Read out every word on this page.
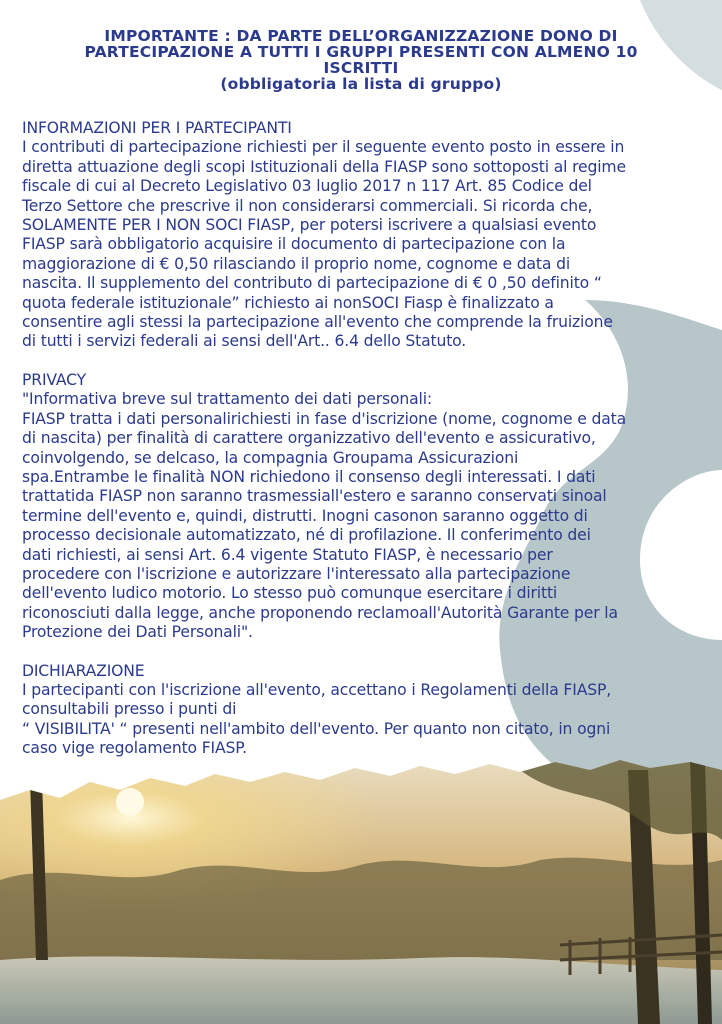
IMPORTANTE : DA PARTE DELL’ORGANIZZAZIONE DONO DI
PARTECIPAZIONE A TUTTI I GRUPPI PRESENTI CON ALMENO 10
ISCRITTI
(obbligatoria la lista di gruppo)
INFORMAZIONI PER I PARTECIPANTI
I contributi di partecipazione richiesti per il seguente evento posto in essere in
diretta attuazione degli scopi Istituzionali della FIASP sono sottoposti al regime
fiscale di cui al Decreto Legislativo 03 luglio 2017 n 117 Art. 85 Codice del
Terzo Settore che prescrive il non considerarsi commerciali. Si ricorda che,
SOLAMENTE PER I NON SOCI FIASP, per potersi iscrivere a qualsiasi evento
FIASP sarà obbligatorio acquisire il documento di partecipazione con la
maggiorazione di € 0,50 rilasciando il proprio nome, cognome e data di
nascita. Il supplemento del contributo di partecipazione di € 0 ,50 definito “
quota federale istituzionale” richiesto ai nonSOCI Fiasp è finalizzato a
consentire agli stessi la partecipazione all'evento che comprende la fruizione
di tutti i servizi federali ai sensi dell'Art.. 6.4 dello Statuto.
PRIVACY
"Informativa breve sul trattamento dei dati personali:
FIASP tratta i dati personalirichiesti in fase d'iscrizione (nome, cognome e data
di nascita) per finalità di carattere organizzativo dell'evento e assicurativo,
coinvolgendo, se delcaso, la compagnia Groupama Assicurazioni
spa.Entrambe le finalità NON richiedono il consenso degli interessati. I dati
trattatida FIASP non saranno trasmessiall'estero e saranno conservati sinoal
termine dell'evento e, quindi, distrutti. Inogni casonon saranno oggetto di
processo decisionale automatizzato, né di profilazione. Il conferimento dei
dati richiesti, ai sensi Art. 6.4 vigente Statuto FIASP, è necessario per
procedere con l'iscrizione e autorizzare l'interessato alla partecipazione
dell'evento ludico motorio. Lo stesso può comunque esercitare i diritti
riconosciuti dalla legge, anche proponendo reclamoall'Autorità Garante per la
Protezione dei Dati Personali".
DICHIARAZIONE
I partecipanti con l'iscrizione all'evento, accettano i Regolamenti della FIASP,
consultabili presso i punti di
“ VISIBILITA' “ presenti nell'ambito dell'evento. Per quanto non citato, in ogni
caso vige regolamento FIASP.
